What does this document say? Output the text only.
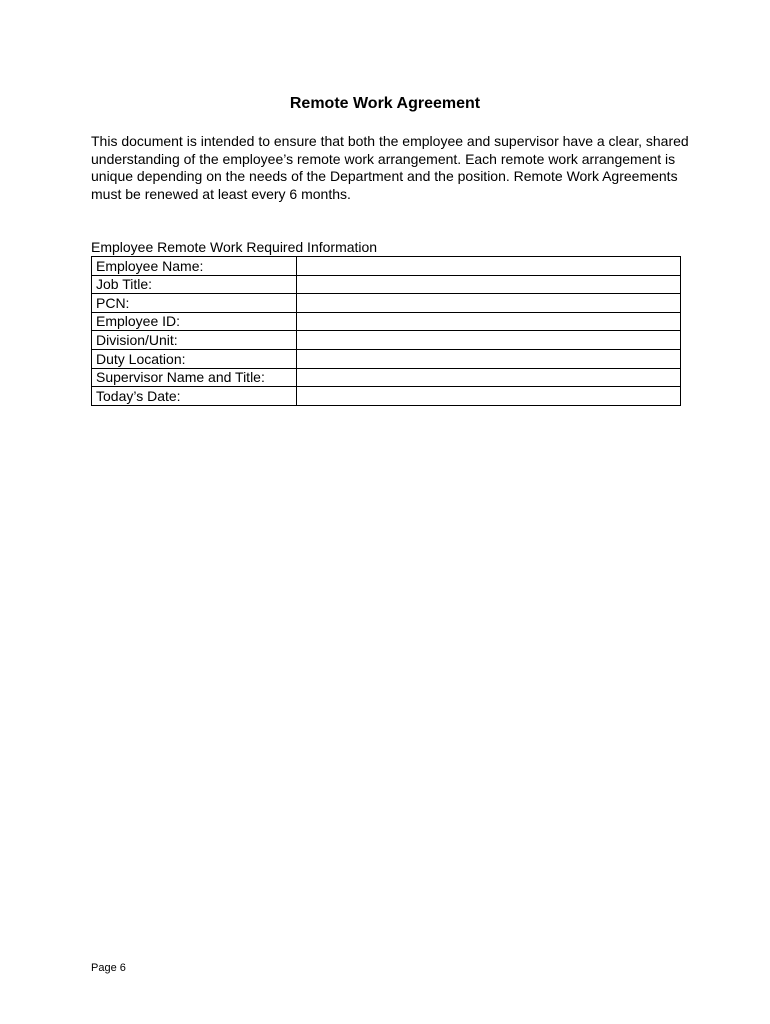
Remote Work Agreement
This document is intended to ensure that both the employee and supervisor have a clear, shared understanding of the employee’s remote work arrangement. Each remote work arrangement is unique depending on the needs of the Department and the position. Remote Work Agreements must be renewed at least every 6 months.
Employee Remote Work Required Information
Employee Name:	
Job Title:	
PCN:	
Employee ID:	
Division/Unit:	
Duty Location:	
Supervisor Name and Title:	
Today’s Date:	
Page 6
